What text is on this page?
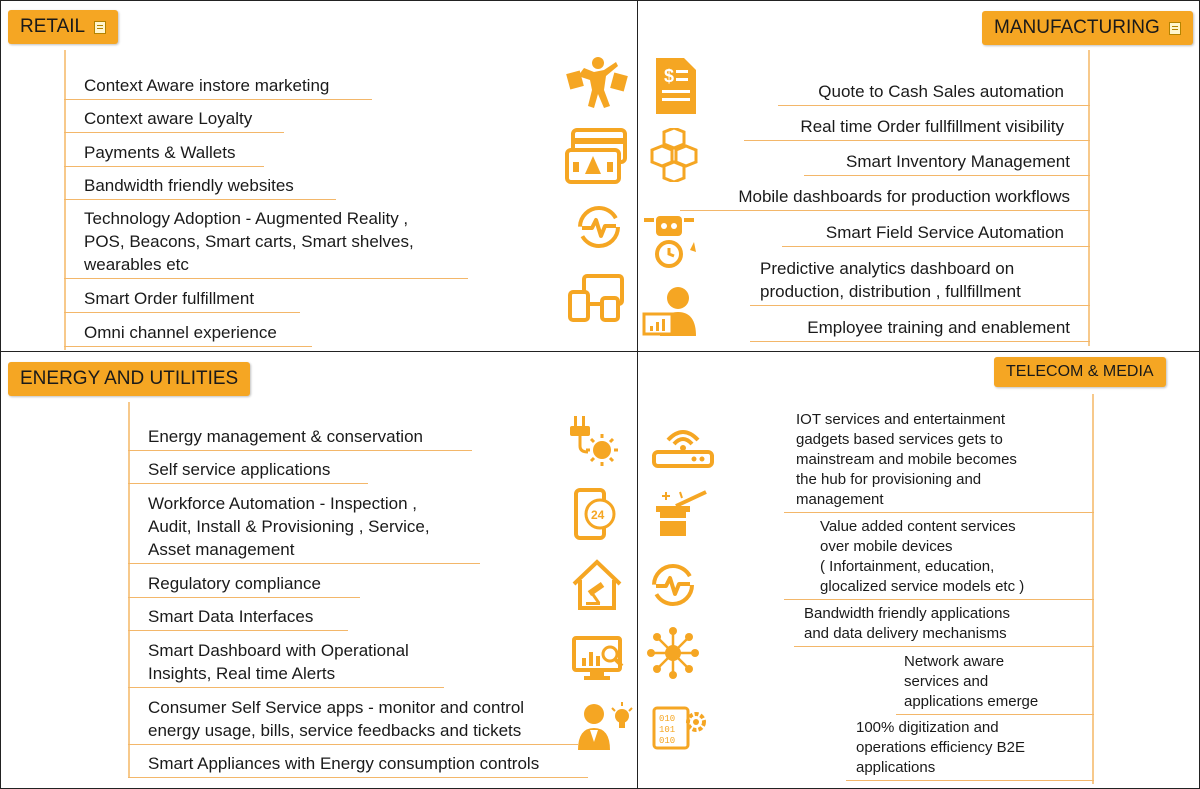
RETAIL
Context Aware instore marketing
Context aware Loyalty
Payments & Wallets
Bandwidth friendly websites
Technology Adoption - Augmented Reality ,
POS, Beacons, Smart carts, Smart shelves,
wearables etc
Smart Order fulfillment
Omni channel experience
MANUFACTURING
Quote to Cash Sales automation
Real time Order fullfillment visibility
Smart Inventory Management
Mobile dashboards for production workflows
Smart Field Service Automation
Predictive analytics dashboard on
production, distribution , fullfillment
Employee training and enablement
$
ENERGY AND UTILITIES
Energy management & conservation
Self service applications
Workforce Automation - Inspection ,
Audit, Install & Provisioning , Service,
Asset management
Regulatory compliance
Smart Data Interfaces
Smart Dashboard with Operational
Insights, Real time Alerts
Consumer Self Service apps - monitor and control
energy usage, bills, service feedbacks and tickets
Smart Appliances with Energy consumption controls
24
TELECOM & MEDIA
IOT services and entertainment
gadgets based services gets to
mainstream and mobile becomes
the hub for provisioning and
management
Value added content services
over mobile devices
( Infortainment, education,
glocalized service models etc )
Bandwidth friendly applications
and data delivery mechanisms
Network aware
services and
applications emerge
100% digitization and
operations efficiency B2E
applications
010
101
010
